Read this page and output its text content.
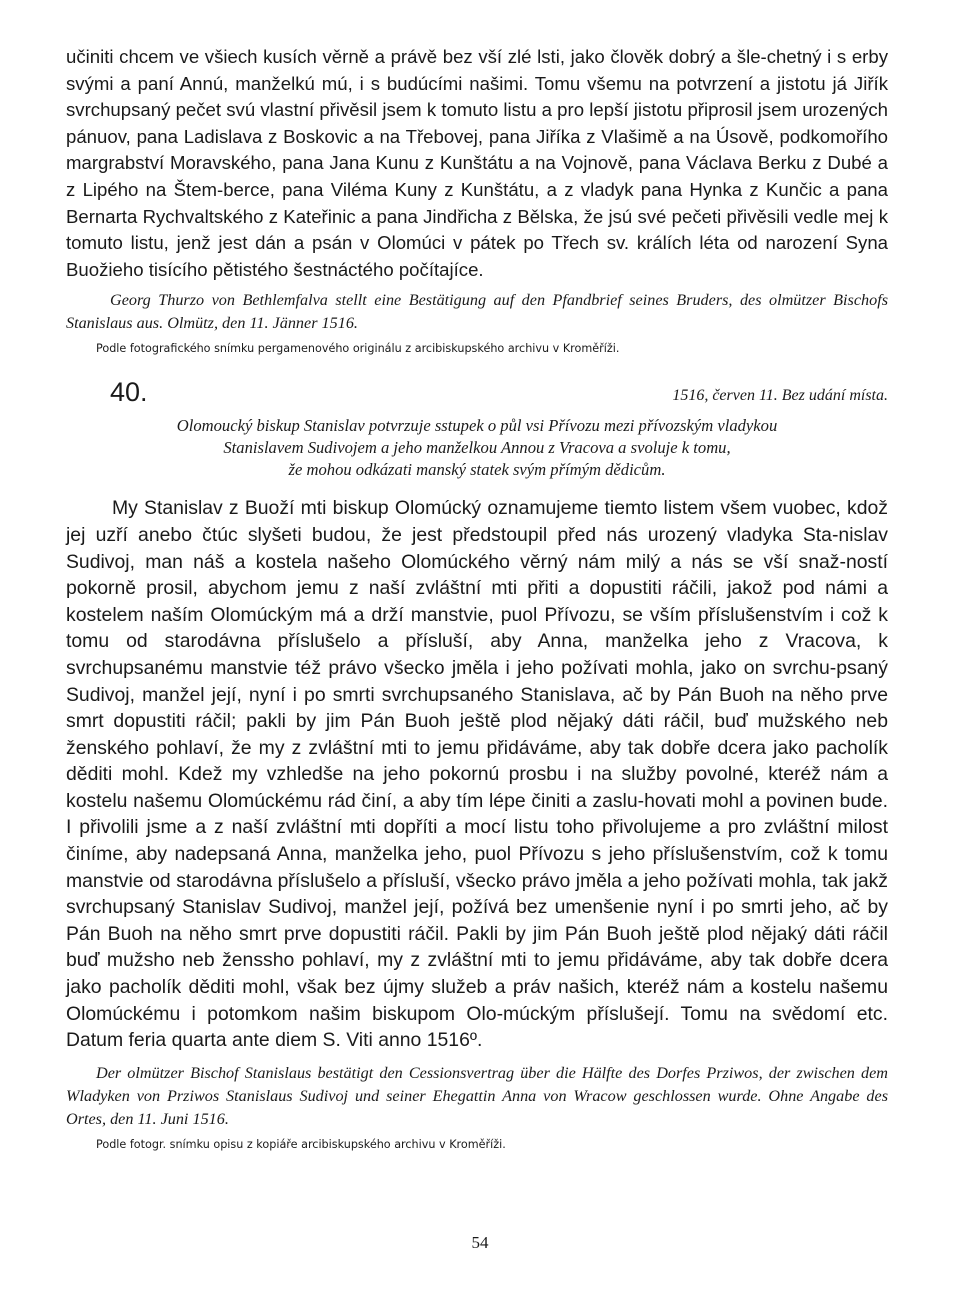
učiniti chcem ve všiech kusích věrně a právě bez vší zlé lsti, jako člověk dobrý a šle-chetný i s erby svými a paní Annú, manželkú mú, i s budúcími našimi. Tomu všemu na potvrzení a jistotu já Jiřík svrchupsaný pečet svú vlastní přivěsil jsem k tomuto listu a pro lepší jistotu připrosil jsem urozených pánuov, pana Ladislava z Boskovic a na Třebovej, pana Jiříka z Vlašimě a na Úsově, podkomořího margrabství Moravského, pana Jana Kunu z Kunštátu a na Vojnově, pana Václava Berku z Dubé a z Lipého na Štem-berce, pana Viléma Kuny z Kunštátu, a z vladyk pana Hynka z Kunčic a pana Bernarta Rychvaltského z Kateřinic a pana Jindřicha z Bělska, že jsú své pečeti přivěsili vedle mej k tomuto listu, jenž jest dán a psán v Olomúci v pátek po Třech sv. králích léta od narození Syna Buožieho tisícího pětistého šestnáctého počítajíce.

Georg Thurzo von Bethlemfalva stellt eine Bestätigung auf den Pfandbrief seines Bruders, des olmützer Bischofs Stanislaus aus. Olmütz, den 11. Jänner 1516.

Podle fotografického snímku pergamenového originálu z arcibiskupského archivu v Kroměříži.

40.	1516, červen 11. Bez udání místa.
Olomoucký biskup Stanislav potvrzuje sstupek o půl vsi Přívozu mezi přívozským vladykou
Stanislavem Sudivojem a jeho manželkou Annou z Vracova a svoluje k tomu,
že mohou odkázati manský statek svým přímým dědicům.

My Stanislav z Buoží mti biskup Olomúcký oznamujeme tiemto listem všem vuobec, kdož jej uzří anebo čtúc slyšeti budou, že jest předstoupil před nás urozený vladyka Sta-nislav Sudivoj, man náš a kostela našeho Olomúckého věrný nám milý a nás se vší snaž-ností pokorně prosil, abychom jemu z naší zvláštní mti přiti a dopustiti ráčili, jakož pod námi a kostelem naším Olomúckým má a drží manstvie, puol Přívozu, se vším příslušenstvím i což k tomu od starodávna příslušelo a přísluší, aby Anna, manželka jeho z Vracova, k svrchupsanému manstvie též právo všecko jměla i jeho požívati mohla, jako on svrchu-psaný Sudivoj, manžel její, nyní i po smrti svrchupsaného Stanislava, ač by Pán Buoh na něho prve smrt dopustiti ráčil; pakli by jim Pán Buoh ještě plod nějaký dáti ráčil, buď mužského neb ženského pohlaví, že my z zvláštní mti to jemu přidáváme, aby tak dobře dcera jako pacholík děditi mohl. Kdež my vzhledše na jeho pokornú prosbu i na služby povolné, kteréž nám a kostelu našemu Olomúckému rád činí, a aby tím lépe činiti a zaslu-hovati mohl a povinen bude. I přivolili jsme a z naší zvláštní mti dopříti a mocí listu toho přivolujeme a pro zvláštní milost činíme, aby nadepsaná Anna, manželka jeho, puol Přívozu s jeho příslušenstvím, což k tomu manstvie od starodávna příslušelo a přísluší, všecko právo jměla a jeho požívati mohla, tak jakž svrchupsaný Stanislav Sudivoj, manžel její, požívá bez umenšenie nyní i po smrti jeho, ač by Pán Buoh na něho smrt prve dopustiti ráčil. Pakli by jim Pán Buoh ještě plod nějaký dáti ráčil buď mužsho neb ženssho pohlaví, my z zvláštní mti to jemu přidáváme, aby tak dobře dcera jako pacholík děditi mohl, však bez újmy služeb a práv našich, kteréž nám a kostelu našemu Olomúckému i potomkom našim biskupom Olo-múckým příslušejí. Tomu na svědomí etc. Datum feria quarta ante diem S. Viti anno 1516º.

Der olmützer Bischof Stanislaus bestätigt den Cessionsvertrag über die Hälfte des Dorfes Prziwos, der zwischen dem Wladyken von Prziwos Stanislaus Sudivoj und seiner Ehegattin Anna von Wracow geschlossen wurde. Ohne Angabe des Ortes, den 11. Juni 1516.

Podle fotogr. snímku opisu z kopiáře arcibiskupského archivu v Kroměříži.

54
